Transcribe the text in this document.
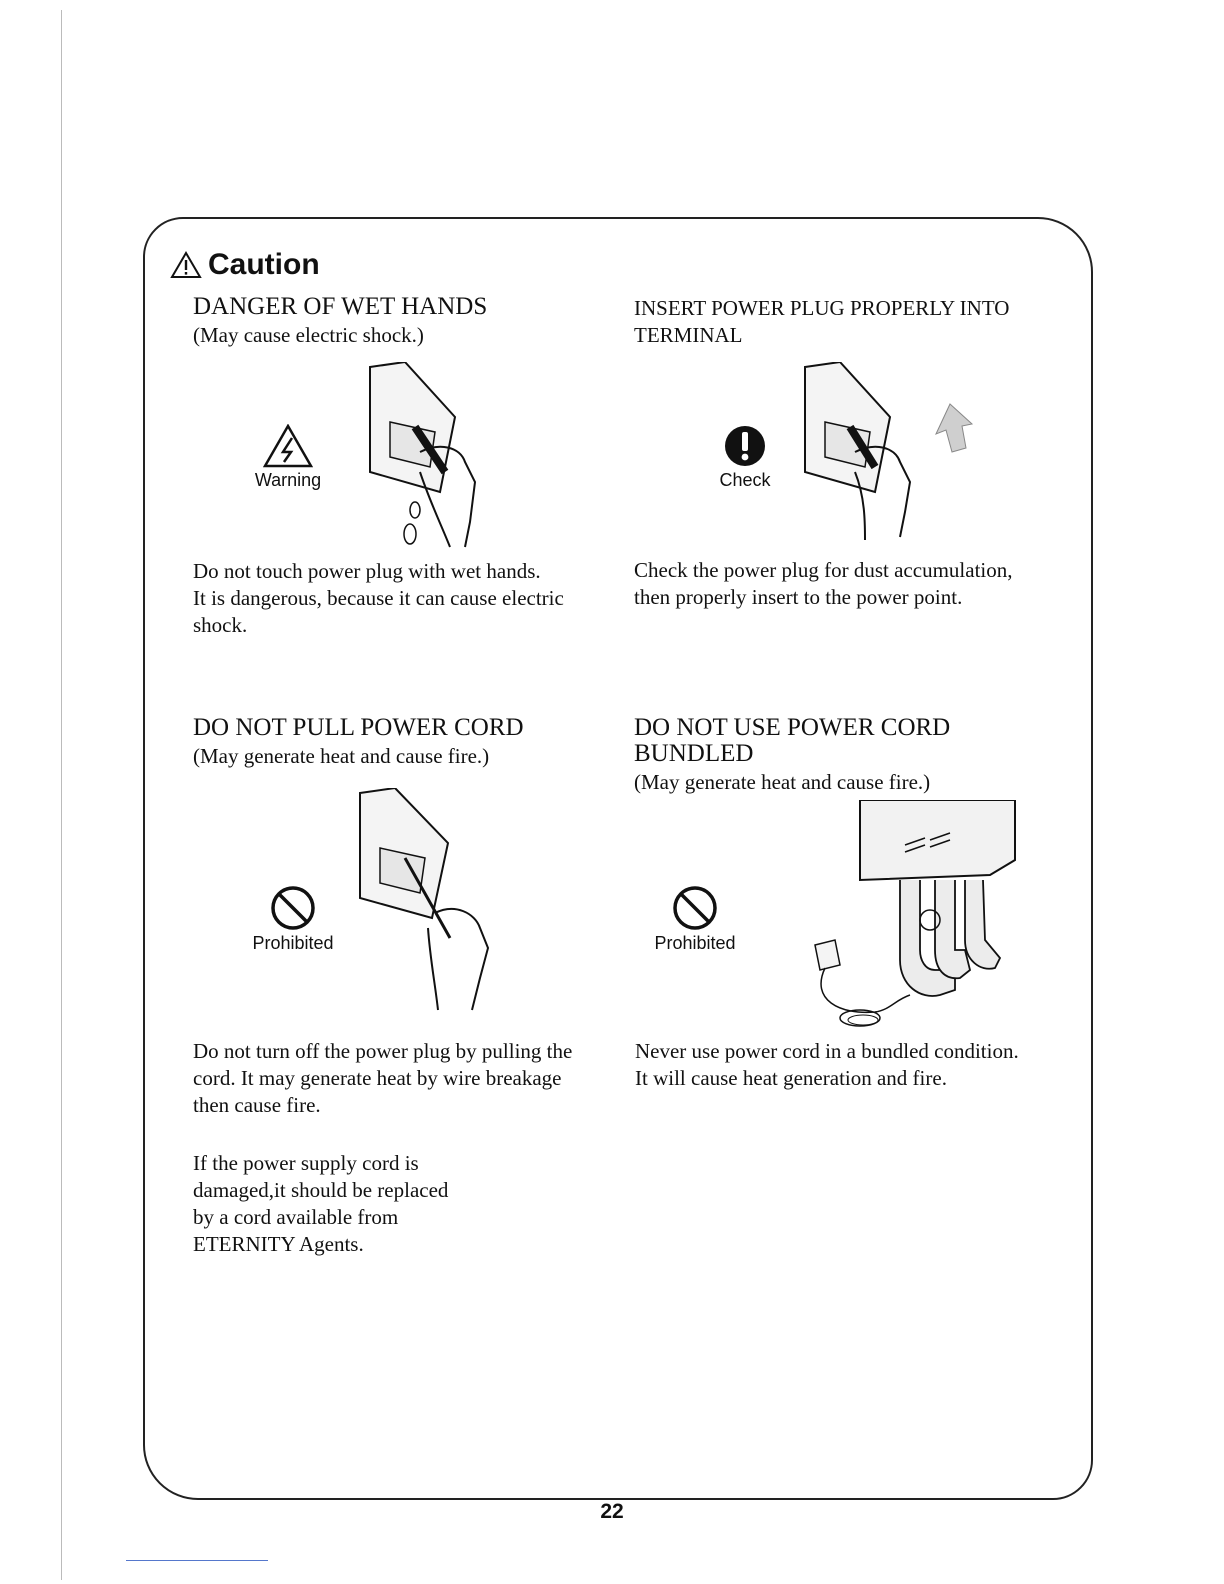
Caution

DANGER OF WET HANDS

(May cause electric shock.)

Warning

Do not touch power plug with wet hands.
It is dangerous, because it can cause electric
shock.

INSERT POWER PLUG PROPERLY INTO
TERMINAL

Check

Check the power plug for dust accumulation,
then properly insert to the power point.

DO NOT PULL POWER CORD

(May generate heat and cause fire.)

Prohibited

Do not turn off the power plug by pulling the
cord. It may generate heat by wire breakage
then cause fire.

DO NOT USE POWER CORD
BUNDLED

(May generate heat and cause fire.)

Prohibited

Never use power cord in a bundled condition.
It will cause heat generation and fire.

If the power supply cord is
damaged,it should be replaced
by a cord available from
ETERNITY Agents.

22
